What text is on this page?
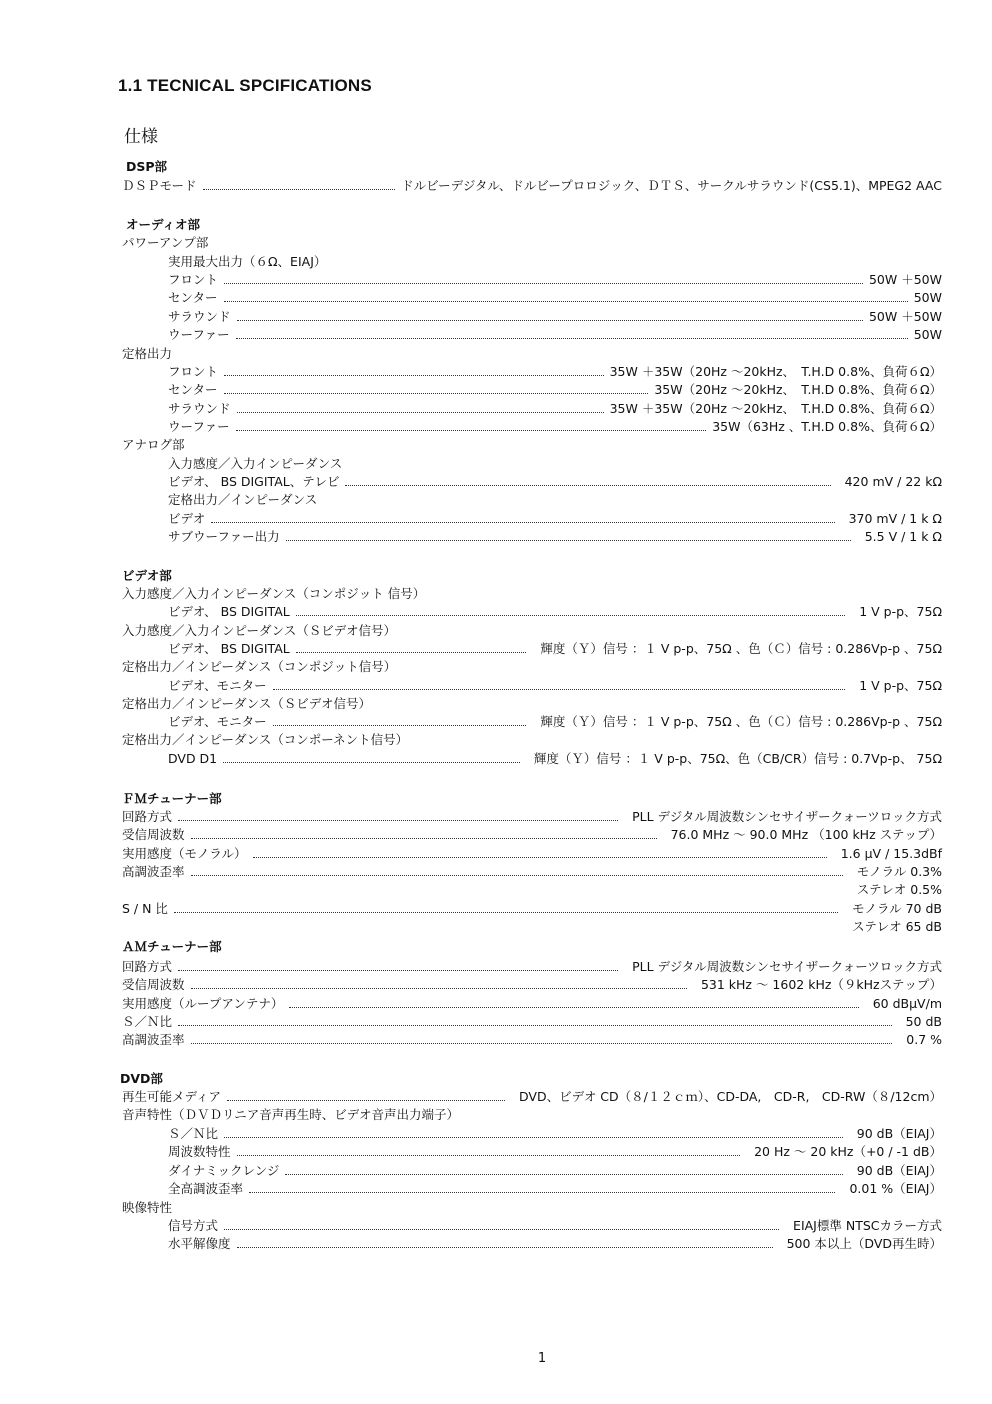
1.1 TECNICAL SPCIFICATIONS
仕様
DSP部
ＤＳＰモード	ドルビーデジタル、ドルビープロロジック、ＤＴＳ、サークルサラウンド(CS5.1)、MPEG2 AAC
オーディオ部
パワーアンプ部
実用最大出力（６Ω、EIAJ）
フロント	50W ＋50W
センター	50W
サラウンド	50W ＋50W
ウーファー	50W
定格出力
フロント	35W ＋35W（20Hz 〜20kHz、　T.H.D 0.8%、負荷６Ω）
センター	35W（20Hz 〜20kHz、　T.H.D 0.8%、負荷６Ω）
サラウンド	35W ＋35W（20Hz 〜20kHz、　T.H.D 0.8%、負荷６Ω）
ウーファー	35W（63Hz 、T.H.D 0.8%、負荷６Ω）
アナログ部
入力感度／入力インピーダンス
ビデオ、 BS DIGITAL、テレビ	420 mV / 22 kΩ
定格出力／インピーダンス
ビデオ	370 mV / 1 k Ω
サブウーファー出力	5.5 V / 1 k Ω
ビデオ部
入力感度／入力インピーダンス（コンポジット 信号）
ビデオ、 BS DIGITAL	1 V p-p、75Ω
入力感度／入力インピーダンス（Ｓビデオ信号）
ビデオ、 BS DIGITAL	輝度（Ｙ）信号 ：１ V p-p、75Ω 、色（Ｃ）信号 : 0.286Vp-p 、75Ω
定格出力／インピーダンス（コンポジット信号）
ビデオ、モニター	1 V p-p、75Ω
定格出力／インピーダンス（Ｓビデオ信号）
ビデオ、モニター	輝度（Ｙ）信号 ：１ V p-p、75Ω 、色（Ｃ）信号 : 0.286Vp-p 、75Ω
定格出力／インピーダンス（コンポーネント信号）
DVD D1	輝度（Ｙ）信号 ：１ V p-p、75Ω、色（CB/CR）信号 : 0.7Vp-p、 75Ω
ＦＭチューナー部
回路方式	PLL デジタル周波数シンセサイザークォーツロック方式
受信周波数	76.0 MHz 〜 90.0 MHz （100 kHz ステップ）
実用感度（モノラル）	1.6 μV / 15.3dBf
高調波歪率	モノラル 0.3%
ステレオ 0.5%
S / N 比	モノラル 70 dB
ステレオ 65 dB
ＡＭチューナー部
回路方式	PLL デジタル周波数シンセサイザークォーツロック方式
受信周波数	531 kHz 〜 1602 kHz（９kHzステップ）
実用感度（ループアンテナ）	60 dBμV/m
Ｓ／Ｎ比	50 dB
高調波歪率	0.7 %
DVD部
再生可能メディア	DVD、ビデオ CD（８/１２ｃｍ）、CD-DA,　CD-R,　CD-RW（８/12cm）
音声特性（ＤＶＤリニア音声再生時、ビデオ音声出力端子）
Ｓ／Ｎ比	90 dB（EIAJ）
周波数特性	20 Hz 〜 20 kHz（+0 / -1 dB）
ダイナミックレンジ	90 dB（EIAJ）
全高調波歪率	0.01 %（EIAJ）
映像特性
信号方式	EIAJ標準 NTSCカラー方式
水平解像度	500 本以上（DVD再生時）
1
